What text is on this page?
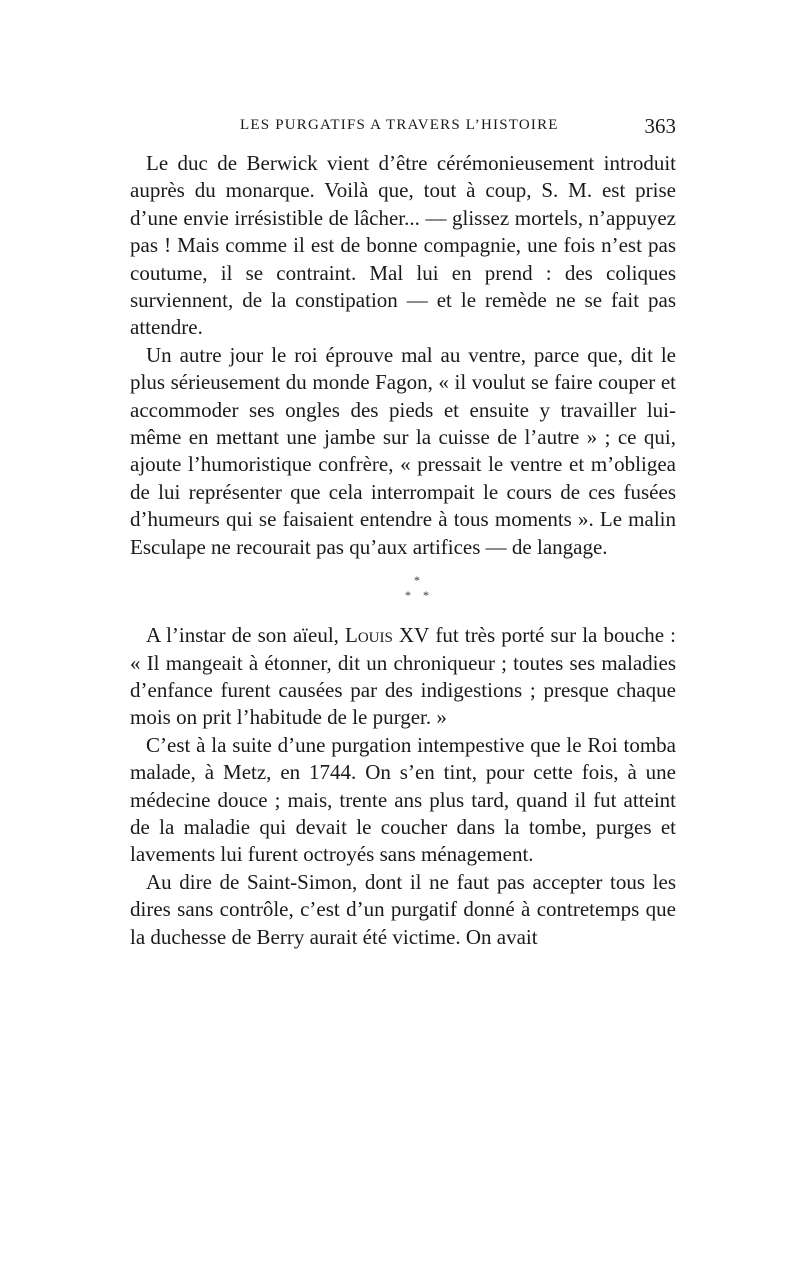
LES PURGATIFS A TRAVERS L’HISTOIRE	363

Le duc de Berwick vient d’être cérémonieusement introduit auprès du monarque. Voilà que, tout à coup, S. M. est prise d’une envie irrésistible de lâcher... — glissez mortels, n’appuyez pas ! Mais comme il est de bonne compagnie, une fois n’est pas coutume, il se contraint. Mal lui en prend : des coliques surviennent, de la constipation — et le remède ne se fait pas attendre.

Un autre jour le roi éprouve mal au ventre, parce que, dit le plus sérieusement du monde Fagon, « il voulut se faire couper et accommoder ses ongles des pieds et ensuite y travailler lui-même en mettant une jambe sur la cuisse de l’autre » ; ce qui, ajoute l’humoristique confrère, « pressait le ventre et m’obligea de lui représenter que cela interrompait le cours de ces fusées d’humeurs qui se faisaient entendre à tous moments ». Le malin Esculape ne recourait pas qu’aux artifices — de langage.

*
* *

A l’instar de son aïeul, Louis XV fut très porté sur la bouche : « Il mangeait à étonner, dit un chroniqueur ; toutes ses maladies d’enfance furent causées par des indigestions ; presque chaque mois on prit l’habitude de le purger. »

C’est à la suite d’une purgation intempestive que le Roi tomba malade, à Metz, en 1744. On s’en tint, pour cette fois, à une médecine douce ; mais, trente ans plus tard, quand il fut atteint de la maladie qui devait le coucher dans la tombe, purges et lavements lui furent octroyés sans ménagement.

Au dire de Saint-Simon, dont il ne faut pas accepter tous les dires sans contrôle, c’est d’un purgatif donné à contretemps que la duchesse de Berry aurait été victime. On avait
